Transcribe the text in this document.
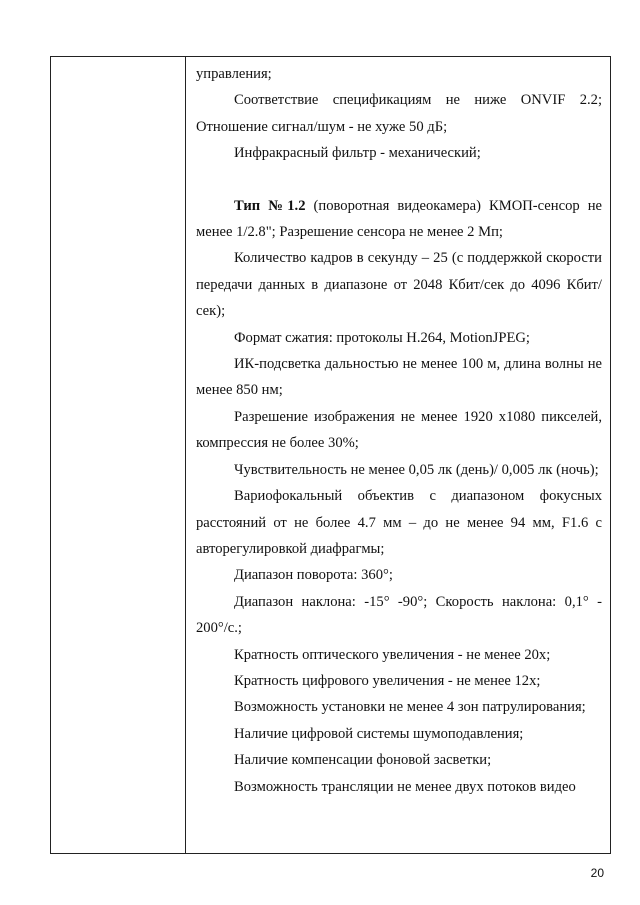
управления;

Соответствие спецификациям не ниже ONVIF 2.2; Отношение сигнал/шум - не хуже 50 дБ;

Инфракрасный фильтр - механический;

Тип №1.2 (поворотная видеокамера) КМОП-сенсор не менее 1/2.8"; Разрешение сенсора не менее 2 Мп;

Количество кадров в секунду – 25 (с поддержкой скорости передачи данных в диапазоне от 2048 Кбит/сек до 4096 Кбит/сек);

Формат сжатия: протоколы H.264, MotionJPEG;

ИК-подсветка дальностью не менее 100 м, длина волны не менее 850 нм;

Разрешение изображения не менее 1920 x1080 пикселей, компрессия не более 30%;

Чувствительность не менее 0,05 лк (день)/ 0,005 лк (ночь);

Вариофокальный объектив с диапазоном фокусных расстояний от не более 4.7 мм – до не менее 94 мм, F1.6 с авторегулировкой диафрагмы;

Диапазон поворота: 360°;

Диапазон наклона: -15° -90°; Скорость наклона: 0,1° - 200°/с.;

Кратность оптического увеличения - не менее 20х;

Кратность цифрового увеличения - не менее 12х;

Возможность установки не менее 4 зон патрулирования;

Наличие цифровой системы шумоподавления;

Наличие компенсации фоновой засветки;

Возможность трансляции не менее двух потоков видео

20
